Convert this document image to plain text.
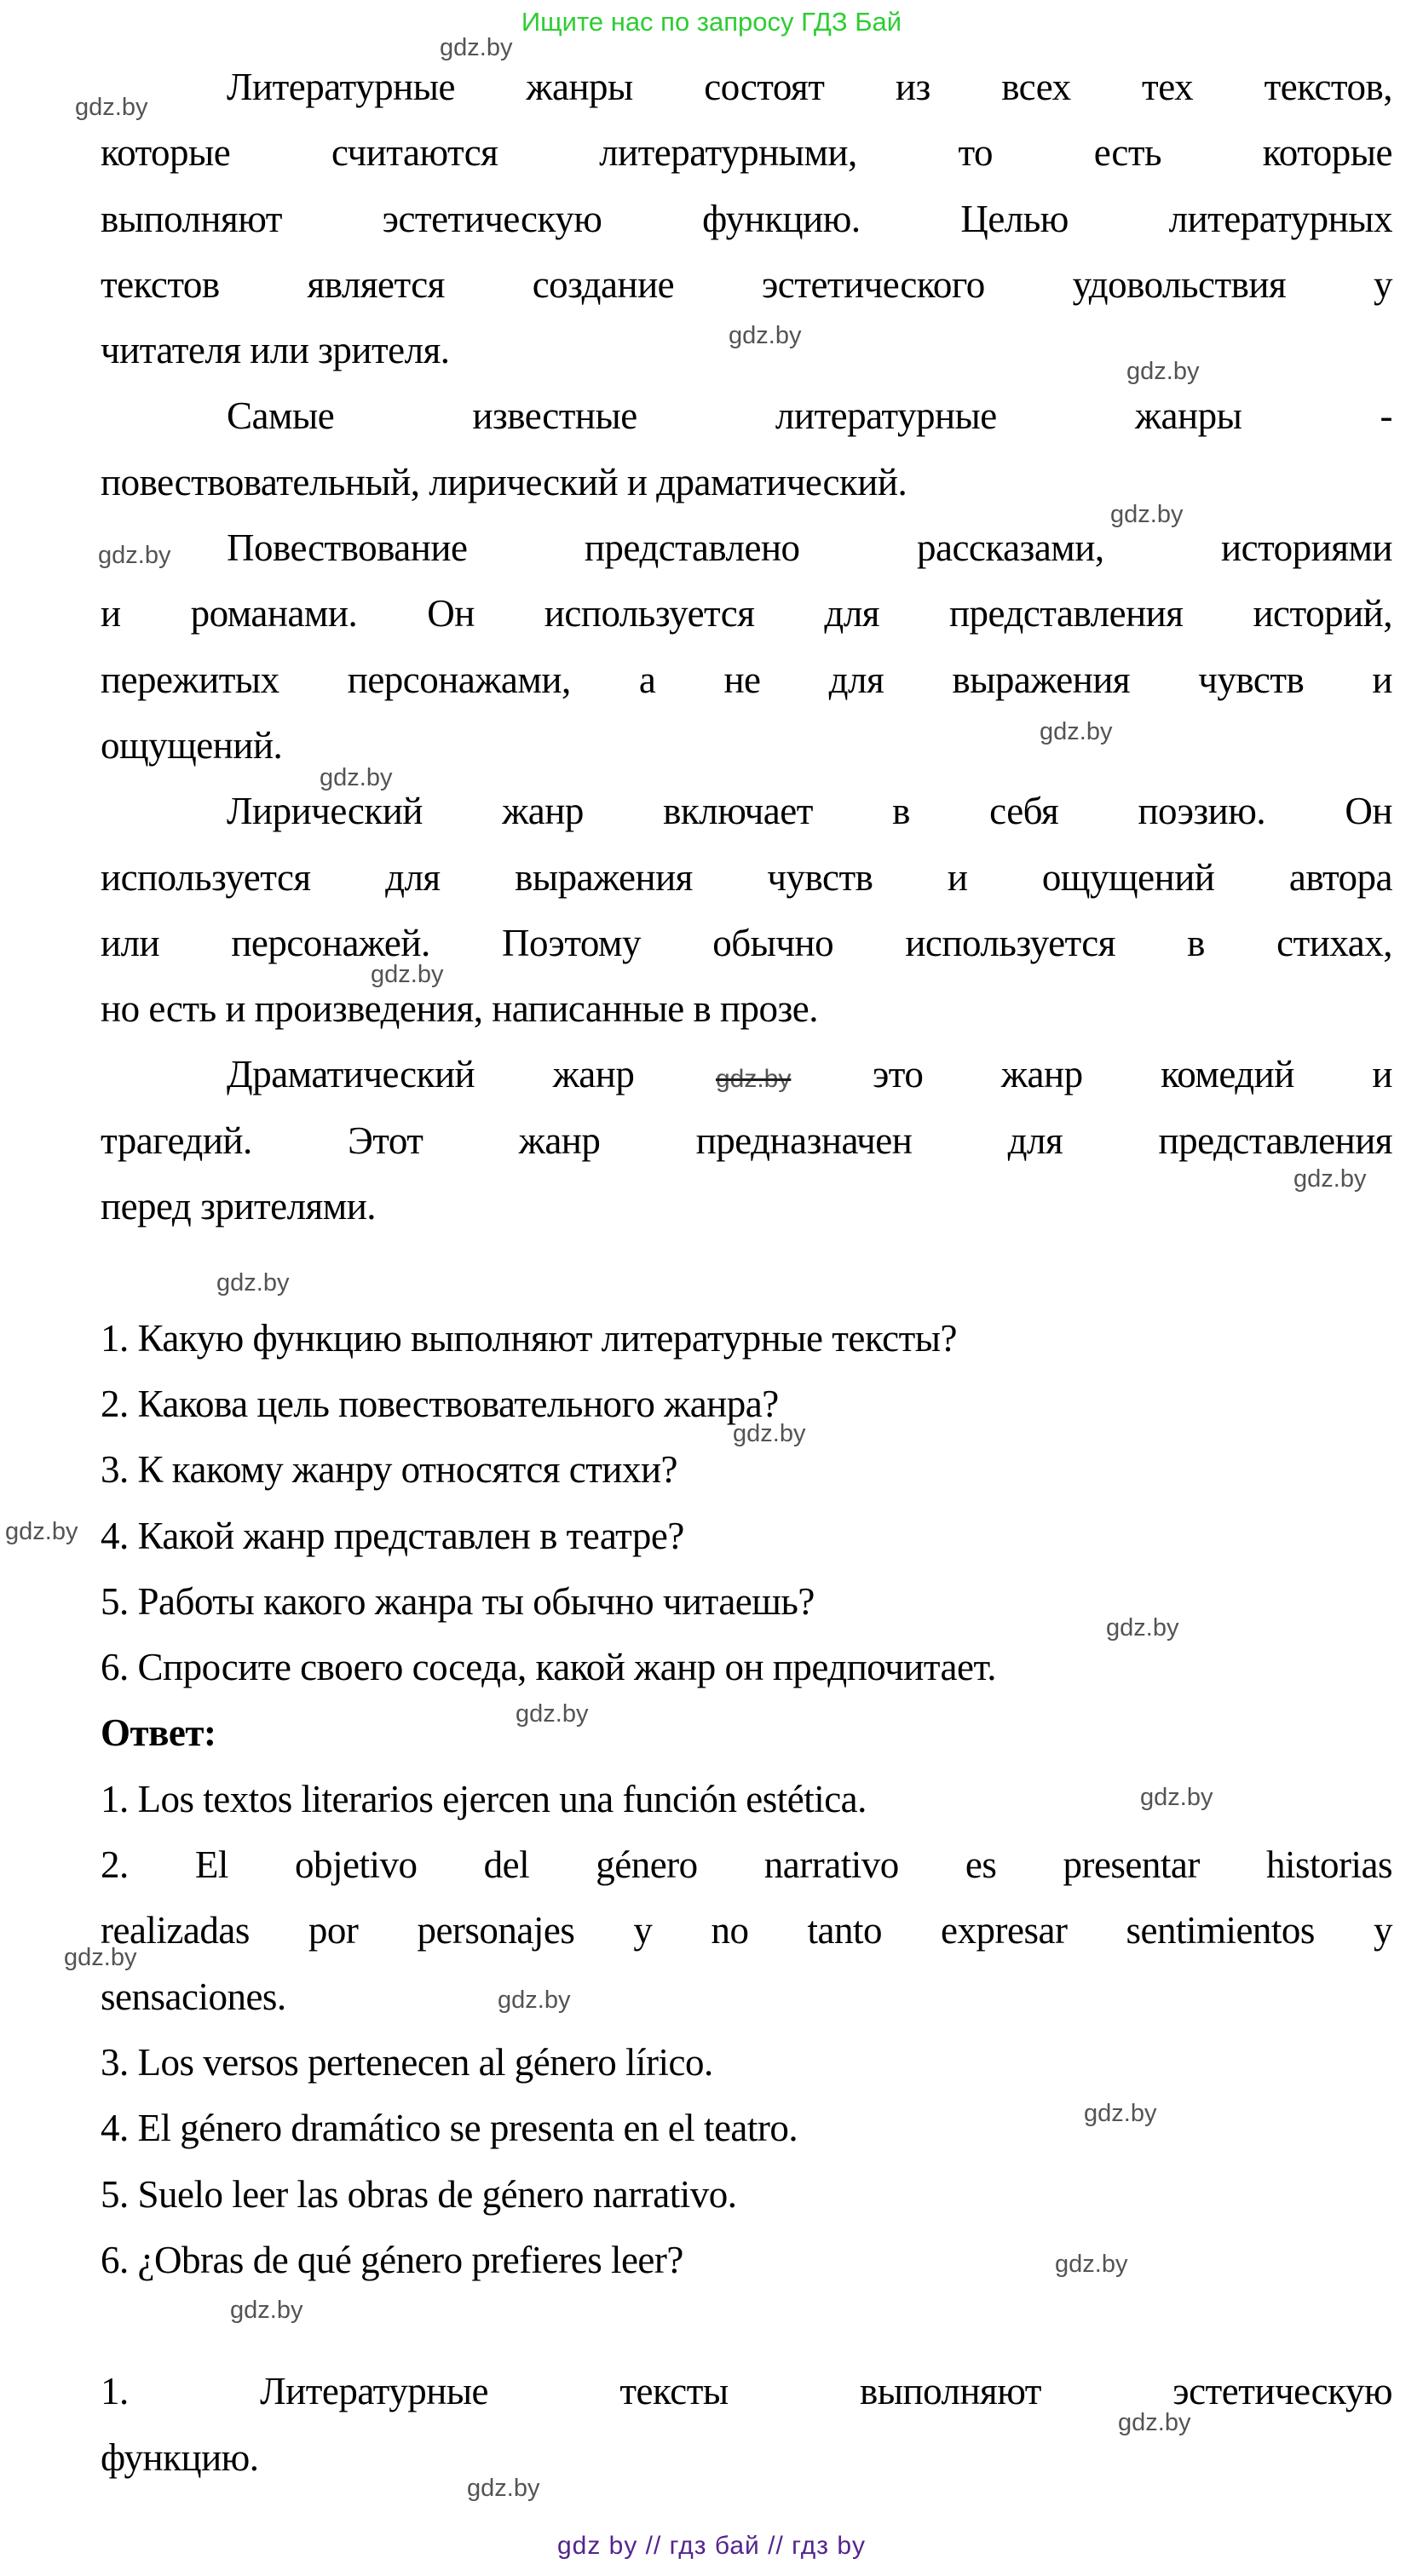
Ищите нас по запросу ГДЗ Бай
Литературные жанры состоят из всех тех текстов,
которые считаются литературными, то есть которые
выполняют эстетическую функцию. Целью литературных
текстов является создание эстетического удовольствия у
читателя или зрителя.
Самые известные литературные жанры -
повествовательный, лирический и драматический.
Повествование представлено рассказами, историями
и романами. Он используется для представления историй,
пережитых персонажами, а не для выражения чувств и
ощущений.
Лирический жанр включает в себя поэзию. Он
используется для выражения чувств и ощущений автора
или персонажей. Поэтому обычно используется в стихах,
но есть и произведения, написанные в прозе.
Драматический жанр	gdz.by это жанр комедий и
трагедий. Этот жанр предназначен для представления
перед зрителями.
1. Какую функцию выполняют литературные тексты?
2. Какова цель повествовательного жанра?
3. К какому жанру относятся стихи?
4. Какой жанр представлен в театре?
5. Работы какого жанра ты обычно читаешь?
6. Спросите своего соседа, какой жанр он предпочитает.
Ответ:
1. Los textos literarios ejercen una función estética.
2. El objetivo del género narrativo es presentar historias
realizadas por personajes y no tanto expresar sentimientos y
sensaciones.
3. Los versos pertenecen al género lírico.
4. El género dramático se presenta en el teatro.
5. Suelo leer las obras de género narrativo.
6. ¿Obras de qué género prefieres leer?
1. Литературные тексты выполняют эстетическую
функцию.
gdz by // гдз бай // гдз by
gdz.by
gdz.by
gdz.by
gdz.by
gdz.by
gdz.by
gdz.by
gdz.by
gdz.by
gdz.by
gdz.by
gdz.by
gdz.by
gdz.by
gdz.by
gdz.by
gdz.by
gdz.by
gdz.by
gdz.by
gdz.by
gdz.by
gdz.by
